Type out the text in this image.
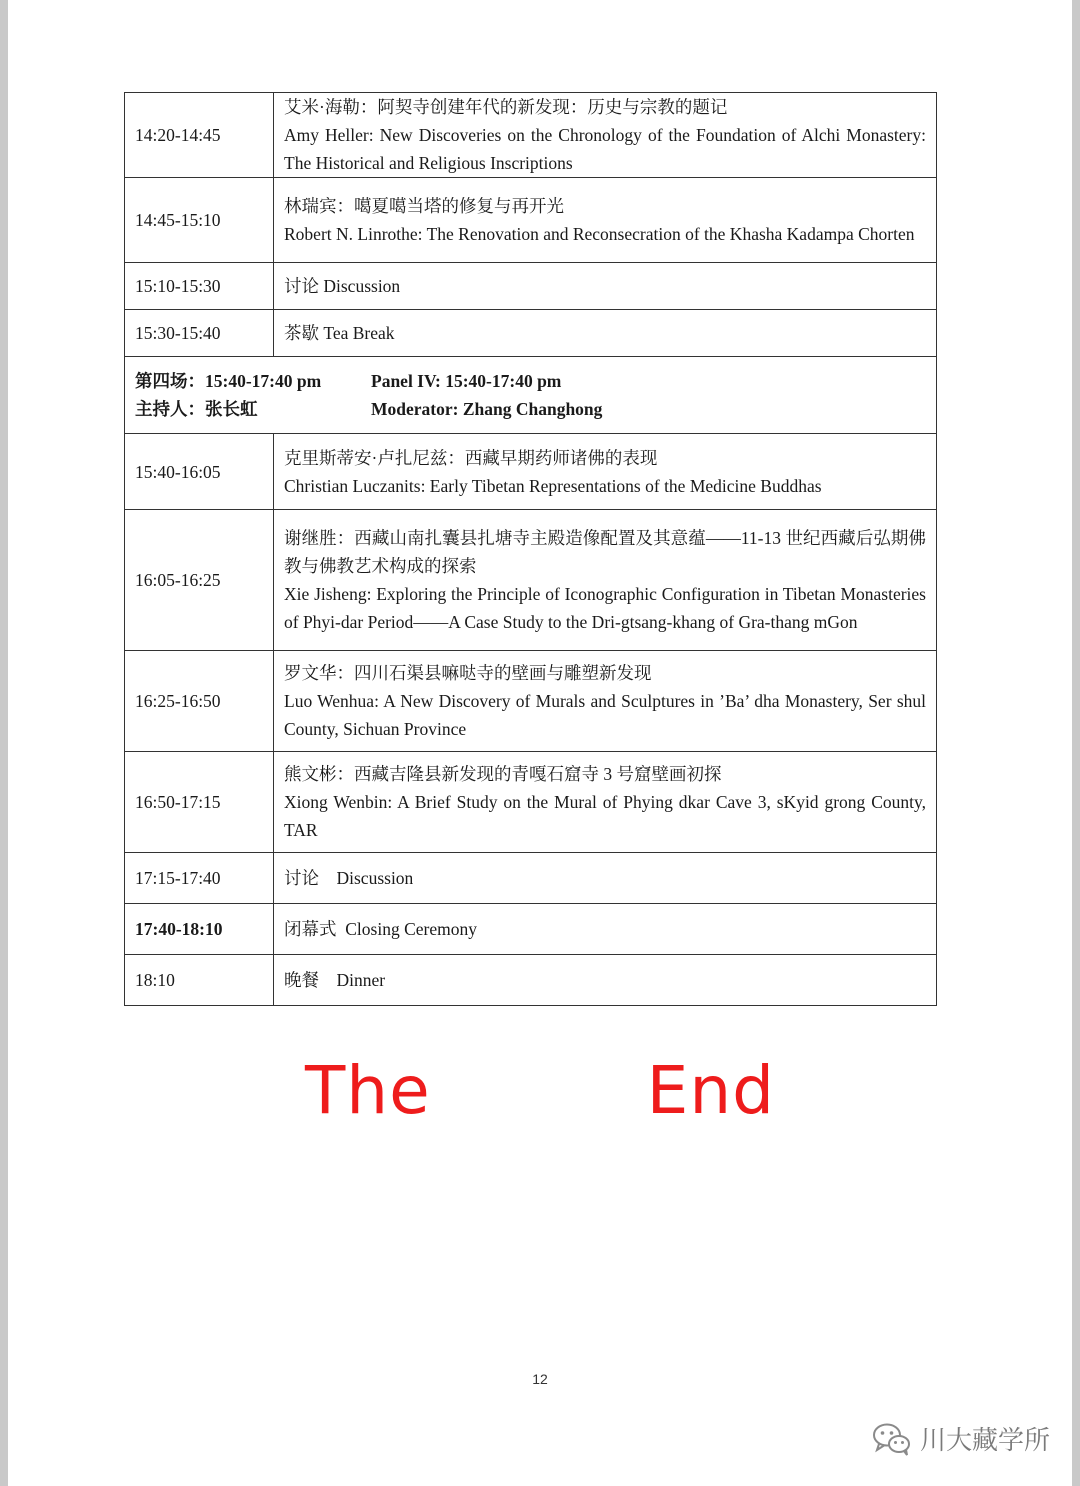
14:20-14:45	艾米·海勒：阿契寺创建年代的新发现：历史与宗教的题记
Amy Heller: New Discoveries on the Chronology of the Foundation of Alchi Monastery: The Historical and Religious Inscriptions

14:45-15:10	林瑞宾：噶夏噶当塔的修复与再开光
Robert N. Linrothe: The Renovation and Reconsecration of the Khasha Kadampa Chorten

15:10-15:30	讨论 Discussion
15:30-15:40	茶歇 Tea Break

第四场：15:40-17:40 pm Panel IV: 15:40-17:40 pm
主持人：张长虹 Moderator: Zhang Changhong	

15:40-16:05	克里斯蒂安·卢扎尼兹：西藏早期药师诸佛的表现
Christian Luczanits: Early Tibetan Representations of the Medicine Buddhas

16:05-16:25	谢继胜：西藏山南扎囊县扎塘寺主殿造像配置及其意蕴——11-13 世纪西藏后弘期佛教与佛教艺术构成的探索
Xie Jisheng: Exploring the Principle of Iconographic Configuration in Tibetan Monasteries of Phyi-dar Period——A Case Study to the Dri-gtsang-khang of Gra-thang mGon

16:25-16:50	罗文华：四川石渠县嘛哒寺的壁画与雕塑新发现
Luo Wenhua: A New Discovery of Murals and Sculptures in ’Ba’ dha Monastery, Ser shul County, Sichuan Province

16:50-17:15	熊文彬：西藏吉隆县新发现的青嘎石窟寺 3 号窟壁画初探
Xiong Wenbin: A Brief Study on the Mural of Phying dkar Cave 3, sKyid grong County, TAR

17:15-17:40	讨论    Discussion
17:40-18:10	闭幕式  Closing Ceremony
18:10	晚餐    Dinner
The   End
12
川大藏学所
